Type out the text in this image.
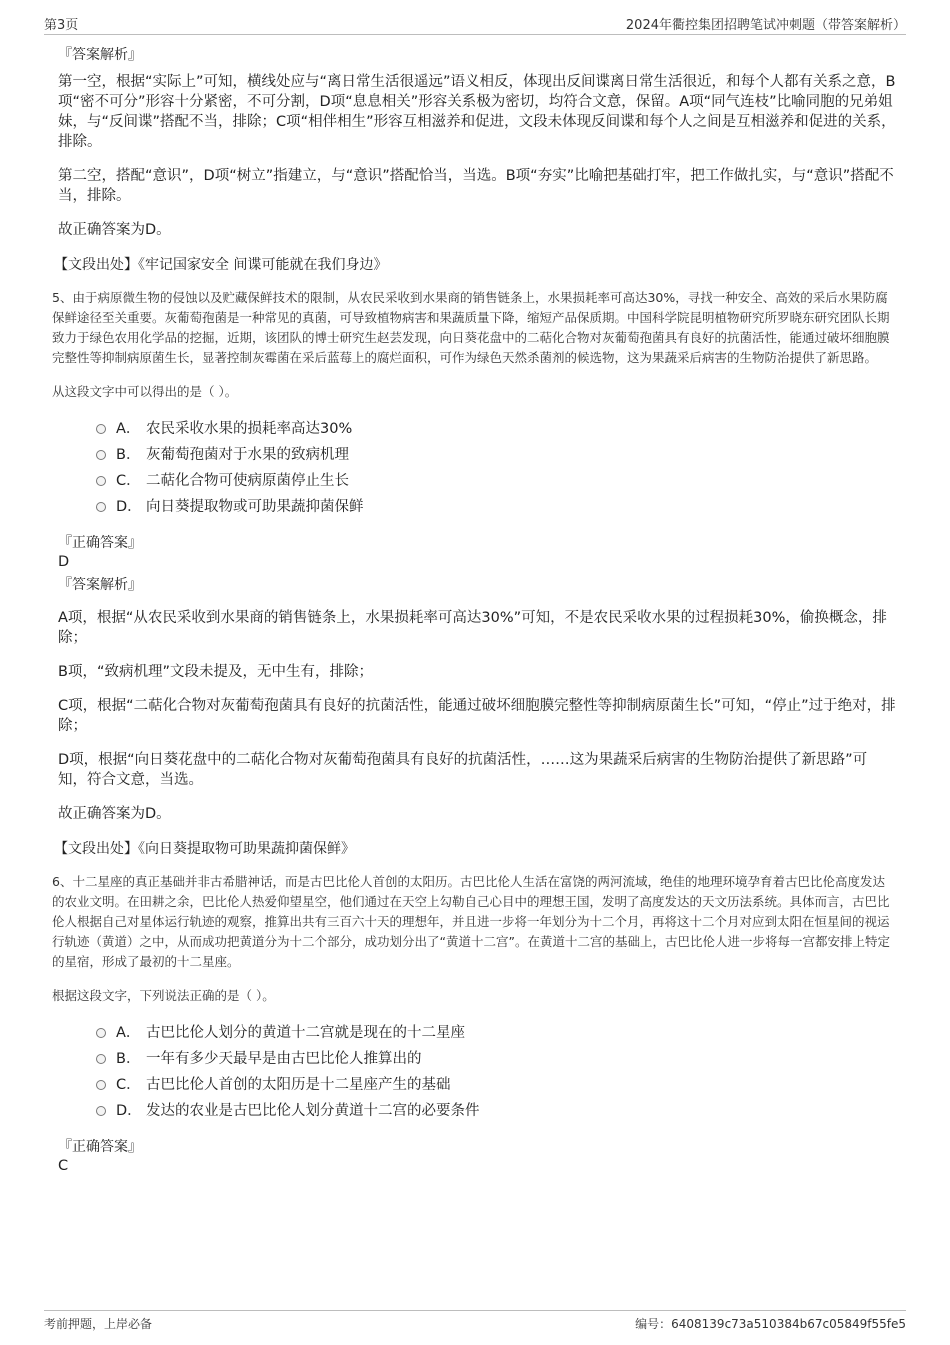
第3页	2024年衢控集团招聘笔试冲刺题（带答案解析）
『答案解析』

第一空，根据“实际上”可知，横线处应与“离日常生活很遥远”语义相反，体现出反间谍离日常生活很近，和每个人都有关系之意，B项“密不可分”形容十分紧密，不可分割，D项“息息相关”形容关系极为密切，均符合文意，保留。A项“同气连枝”比喻同胞的兄弟姐妹，与“反间谍”搭配不当，排除；C项“相伴相生”形容互相滋养和促进，文段未体现反间谍和每个人之间是互相滋养和促进的关系，排除。

第二空，搭配“意识”，D项“树立”指建立，与“意识”搭配恰当，当选。B项“夯实”比喻把基础打牢，把工作做扎实，与“意识”搭配不当，排除。

故正确答案为D。

【文段出处】《牢记国家安全 间谍可能就在我们身边》

5、由于病原微生物的侵蚀以及贮藏保鲜技术的限制，从农民采收到水果商的销售链条上，水果损耗率可高达30%，寻找一种安全、高效的采后水果防腐保鲜途径至关重要。灰葡萄孢菌是一种常见的真菌，可导致植物病害和果蔬质量下降，缩短产品保质期。中国科学院昆明植物研究所罗晓东研究团队长期致力于绿色农用化学品的挖掘，近期，该团队的博士研究生赵芸发现，向日葵花盘中的二萜化合物对灰葡萄孢菌具有良好的抗菌活性，能通过破坏细胞膜完整性等抑制病原菌生长，显著控制灰霉菌在采后蓝莓上的腐烂面积，可作为绿色天然杀菌剂的候选物，这为果蔬采后病害的生物防治提供了新思路。

从这段文字中可以得出的是（ ）。
A． 农民采收水果的损耗率高达30%
B． 灰葡萄孢菌对于水果的致病机理
C． 二萜化合物可使病原菌停止生长
D． 向日葵提取物或可助果蔬抑菌保鲜
『正确答案』
D
『答案解析』

A项，根据“从农民采收到水果商的销售链条上，水果损耗率可高达30%”可知，不是农民采收水果的过程损耗30%，偷换概念，排除；

B项，“致病机理”文段未提及，无中生有，排除；

C项，根据“二萜化合物对灰葡萄孢菌具有良好的抗菌活性，能通过破坏细胞膜完整性等抑制病原菌生长”可知，“停止”过于绝对，排除；

D项，根据“向日葵花盘中的二萜化合物对灰葡萄孢菌具有良好的抗菌活性，……这为果蔬采后病害的生物防治提供了新思路”可知，符合文意，当选。

故正确答案为D。

【文段出处】《向日葵提取物可助果蔬抑菌保鲜》

6、十二星座的真正基础并非古希腊神话，而是古巴比伦人首创的太阳历。古巴比伦人生活在富饶的两河流域，绝佳的地理环境孕育着古巴比伦高度发达的农业文明。在田耕之余，巴比伦人热爱仰望星空，他们通过在天空上勾勒自己心目中的理想王国，发明了高度发达的天文历法系统。具体而言，古巴比伦人根据自己对星体运行轨迹的观察，推算出共有三百六十天的理想年，并且进一步将一年划分为十二个月，再将这十二个月对应到太阳在恒星间的视运行轨迹（黄道）之中，从而成功把黄道分为十二个部分，成功划分出了“黄道十二宫”。在黄道十二宫的基础上，古巴比伦人进一步将每一宫都安排上特定的星宿，形成了最初的十二星座。

根据这段文字，下列说法正确的是（ ）。
A． 古巴比伦人划分的黄道十二宫就是现在的十二星座
B． 一年有多少天最早是由古巴比伦人推算出的
C． 古巴比伦人首创的太阳历是十二星座产生的基础
D． 发达的农业是古巴比伦人划分黄道十二宫的必要条件
『正确答案』
C
考前押题，上岸必备	编号：6408139c73a510384b67c05849f55fe5
